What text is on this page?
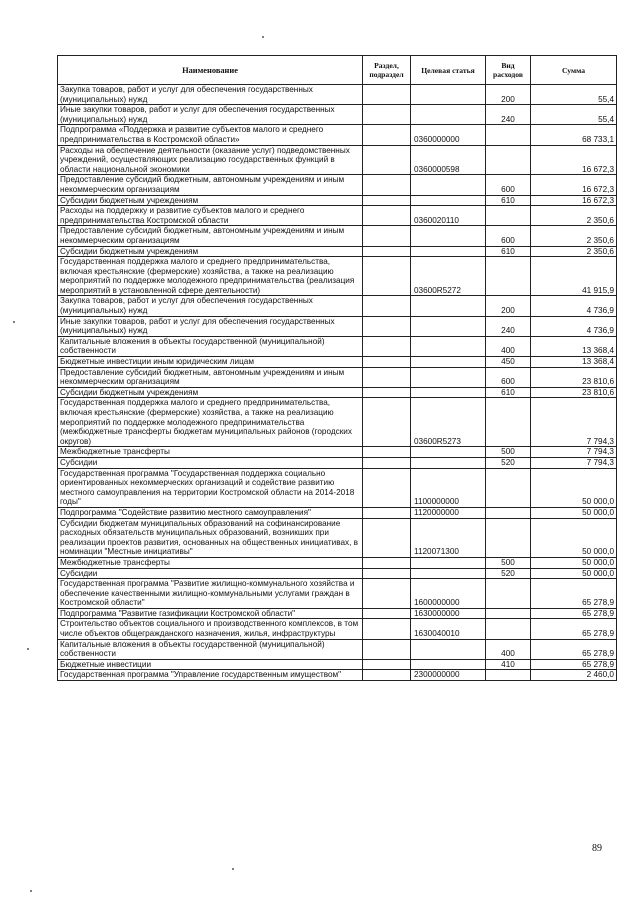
Наименование	Раздел, подраздел	Целевая статья	Вид расходов	Сумма
Закупка товаров, работ и услуг для обеспечения государственных (муниципальных) нужд			200	55,4
Иные закупки товаров, работ и услуг для обеспечения государственных (муниципальных) нужд			240	55,4
Подпрограмма «Поддержка и развитие субъектов малого и среднего предпринимательства в Костромской области»		0360000000		68 733,1
Расходы на обеспечение деятельности (оказание услуг) подведомственных учреждений, осуществляющих реализацию государственных функций в области национальной экономики		0360000598		16 672,3
Предоставление субсидий бюджетным, автономным учреждениям и иным некоммерческим организациям			600	16 672,3
Субсидии бюджетным учреждениям			610	16 672,3
Расходы на поддержку и развитие субъектов малого и среднего предпринимательства Костромской области		0360020110		2 350,6
Предоставление субсидий бюджетным, автономным учреждениям и иным некоммерческим организациям			600	2 350,6
Субсидии бюджетным учреждениям			610	2 350,6
Государственная поддержка малого и среднего предпринимательства, включая крестьянские (фермерские) хозяйства, а также на реализацию мероприятий по поддержке молодежного предпринимательства (реализация мероприятий в установленной сфере деятельности)		03600R5272		41 915,9
Закупка товаров, работ и услуг для обеспечения государственных (муниципальных) нужд			200	4 736,9
Иные закупки товаров, работ и услуг для обеспечения государственных (муниципальных) нужд			240	4 736,9
Капитальные вложения в объекты государственной (муниципальной) собственности			400	13 368,4
Бюджетные инвестиции иным юридическим лицам			450	13 368,4
Предоставление субсидий бюджетным, автономным учреждениям и иным некоммерческим организациям			600	23 810,6
Субсидии бюджетным учреждениям			610	23 810,6
Государственная поддержка малого и среднего предпринимательства, включая крестьянские (фермерские) хозяйства, а также на реализацию мероприятий по поддержке молодежного предпринимательства (межбюджетные трансферты бюджетам муниципальных районов (городских округов)		03600R5273		7 794,3
Межбюджетные трансферты			500	7 794,3
Субсидии			520	7 794,3
Государственная программа "Государственная поддержка социально ориентированных некоммерческих организаций и содействие развитию местного самоуправления на территории Костромской области на 2014-2018 годы"		1100000000		50 000,0
Подпрограмма "Содействие развитию местного самоуправления"		1120000000		50 000,0
Субсидии бюджетам муниципальных образований на софинансирование расходных обязательств муниципальных образований, возникших при реализации проектов развития, основанных на общественных инициативах, в номинации "Местные инициативы"		1120071300		50 000,0
Межбюджетные трансферты			500	50 000,0
Субсидии			520	50 000,0
Государственная программа "Развитие жилищно-коммунального хозяйства и обеспечение качественными жилищно-коммунальными услугами граждан в Костромской области"		1600000000		65 278,9
Подпрограмма "Развитие газификации Костромской области"		1630000000		65 278,9
Строительство объектов социального и производственного комплексов, в том числе объектов общегражданского назначения, жилья, инфраструктуры		1630040010		65 278,9
Капитальные вложения в объекты государственной (муниципальной) собственности			400	65 278,9
Бюджетные инвестиции			410	65 278,9
Государственная программа "Управление государственным имуществом"		2300000000		2 460,0
89
